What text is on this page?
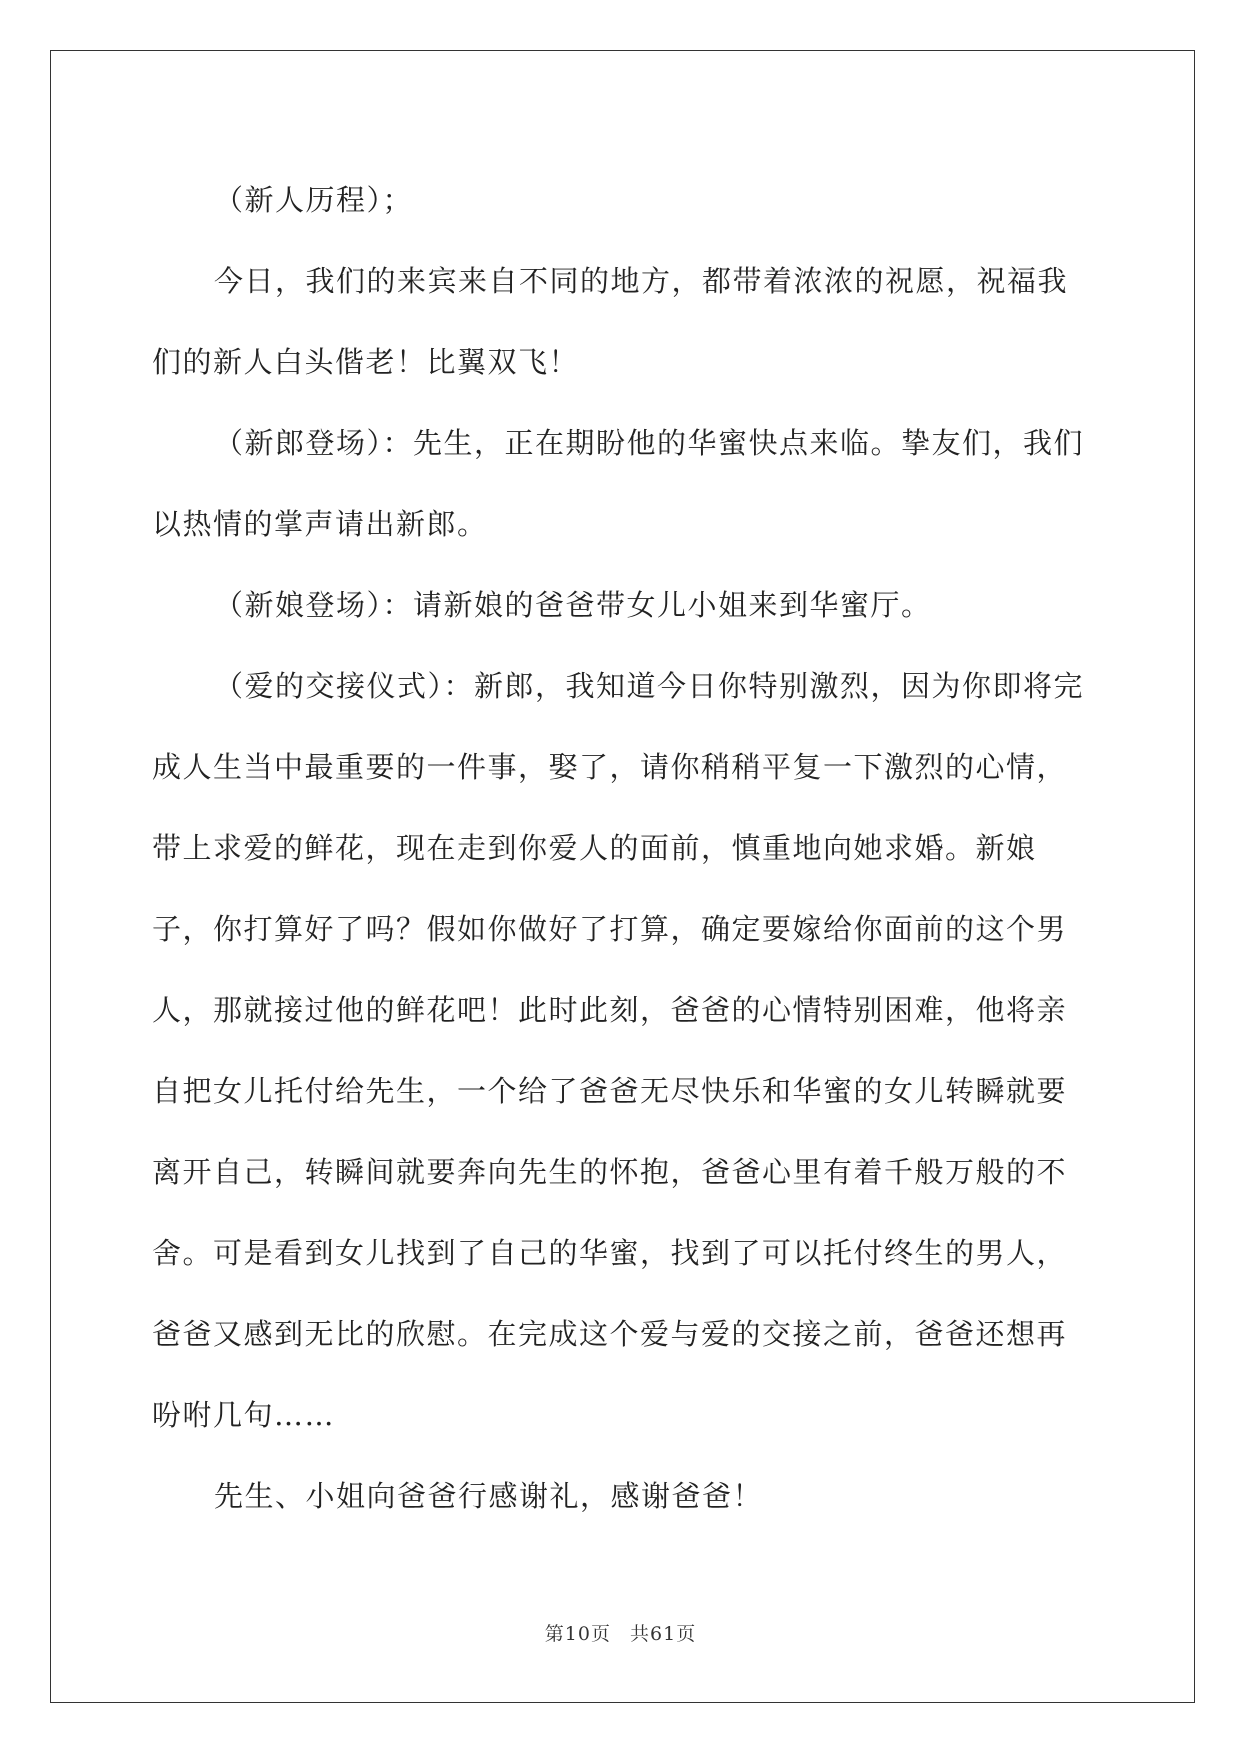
（新人历程）；

今日，我们的来宾来自不同的地方，都带着浓浓的祝愿，祝福我们的新人白头偕老！比翼双飞！

（新郎登场）：先生，正在期盼他的华蜜快点来临。挚友们，我们以热情的掌声请出新郎。

（新娘登场）：请新娘的爸爸带女儿小姐来到华蜜厅。

（爱的交接仪式）：新郎，我知道今日你特别激烈，因为你即将完成人生当中最重要的一件事，娶了，请你稍稍平复一下激烈的心情，带上求爱的鲜花，现在走到你爱人的面前，慎重地向她求婚。新娘子，你打算好了吗？假如你做好了打算，确定要嫁给你面前的这个男人，那就接过他的鲜花吧！此时此刻，爸爸的心情特别困难，他将亲自把女儿托付给先生，一个给了爸爸无尽快乐和华蜜的女儿转瞬就要离开自己，转瞬间就要奔向先生的怀抱，爸爸心里有着千般万般的不舍。可是看到女儿找到了自己的华蜜，找到了可以托付终生的男人，爸爸又感到无比的欣慰。在完成这个爱与爱的交接之前，爸爸还想再吩咐几句……

先生、小姐向爸爸行感谢礼，感谢爸爸！

第10页 共61页
